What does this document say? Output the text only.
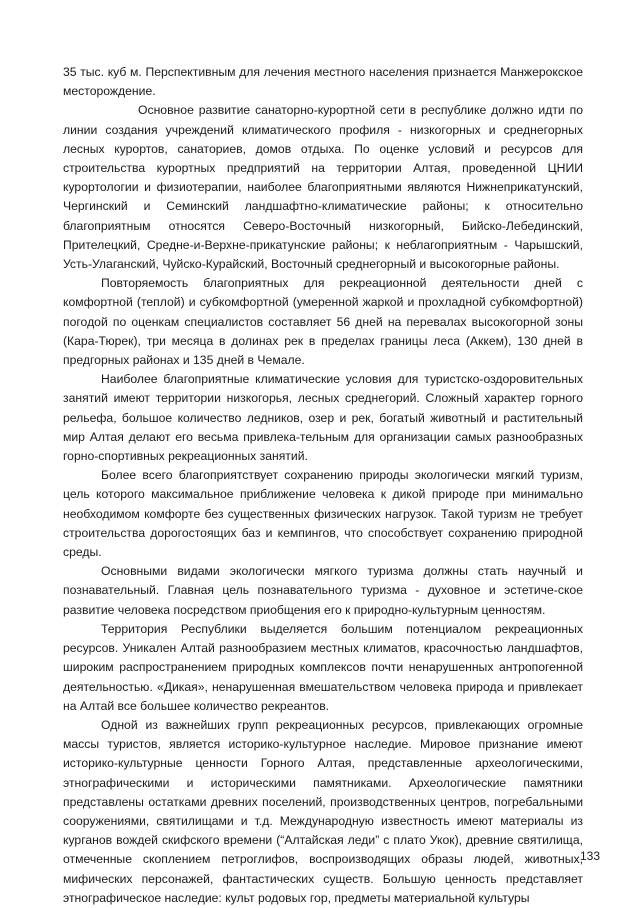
35 тыс. куб м. Перспективным для лечения местного населения признается Манжерокское месторождение.

Основное развитие санаторно-курортной сети в республике должно идти по линии создания учреждений климатического профиля - низкогорных и среднегорных лесных курортов, санаториев, домов отдыха. По оценке условий и ресурсов для строительства курортных предприятий на территории Алтая, проведенной ЦНИИ курортологии и физиотерапии, наиболее благоприятными являются Нижнеприкатунский, Чергинский и Семинский ландшафтно-климатические районы; к относительно благоприятным относятся Северо-Восточный низкогорный, Бийско-Лебединский, Прителецкий, Средне-и-Верхне-прикатунские районы; к неблагоприятным - Чарышский, Усть-Улаганский, Чуйско-Курайский, Восточный среднегорный и высокогорные районы.

Повторяемость благоприятных для рекреационной деятельности дней с комфортной (теплой) и субкомфортной (умеренной жаркой и прохладной субкомфортной) погодой по оценкам специалистов составляет 56 дней на перевалах высокогорной зоны (Кара-Тюрек), три месяца в долинах рек в пределах границы леса (Аккем), 130 дней в предгорных районах и 135 дней в Чемале.

Наиболее благоприятные климатические условия для туристско-оздоровительных занятий имеют территории низкогорья, лесных среднегорий. Сложный характер горного рельефа, большое количество ледников, озер и рек, богатый животный и растительный мир Алтая делают его весьма привлека-тельным для организации самых разнообразных горно-спортивных рекреационных занятий.

Более всего благоприятствует сохранению природы экологически мягкий туризм, цель которого максимальное приближение человека к дикой природе при минимально необходимом комфорте без существенных физических нагрузок. Такой туризм не требует строительства дорогостоящих баз и кемпингов, что способствует сохранению природной среды.

Основными видами экологически мягкого туризма должны стать научный и познавательный. Главная цель познавательного туризма - духовное и эстетиче-ское развитие человека посредством приобщения его к природно-культурным ценностям.

Территория Республики выделяется большим потенциалом рекреационных ресурсов. Уникален Алтай разнообразием местных климатов, красочностью ландшафтов, широким распространением природных комплексов почти ненарушенных антропогенной деятельностью. «Дикая», ненарушенная вмешательством человека природа и привлекает на Алтай все большее количество рекреантов.

Одной из важнейших групп рекреационных ресурсов, привлекающих огромные массы туристов, является историко-культурное наследие. Мировое признание имеют историко-культурные ценности Горного Алтая, представленные археологическими, этнографическими и историческими памятниками. Археологические памятники представлены остатками древних поселений, производственных центров, погребальными сооружениями, святилищами и т.д. Международную известность имеют материалы из курганов вождей скифского времени (“Алтайская леди” с плато Укок), древние святилища, отмеченные скоплением петроглифов, воспроизводящих образы людей, животных, мифических персонажей, фантастических существ. Большую ценность представляет этнографическое наследие: культ родовых гор, предметы материальной культуры

133
